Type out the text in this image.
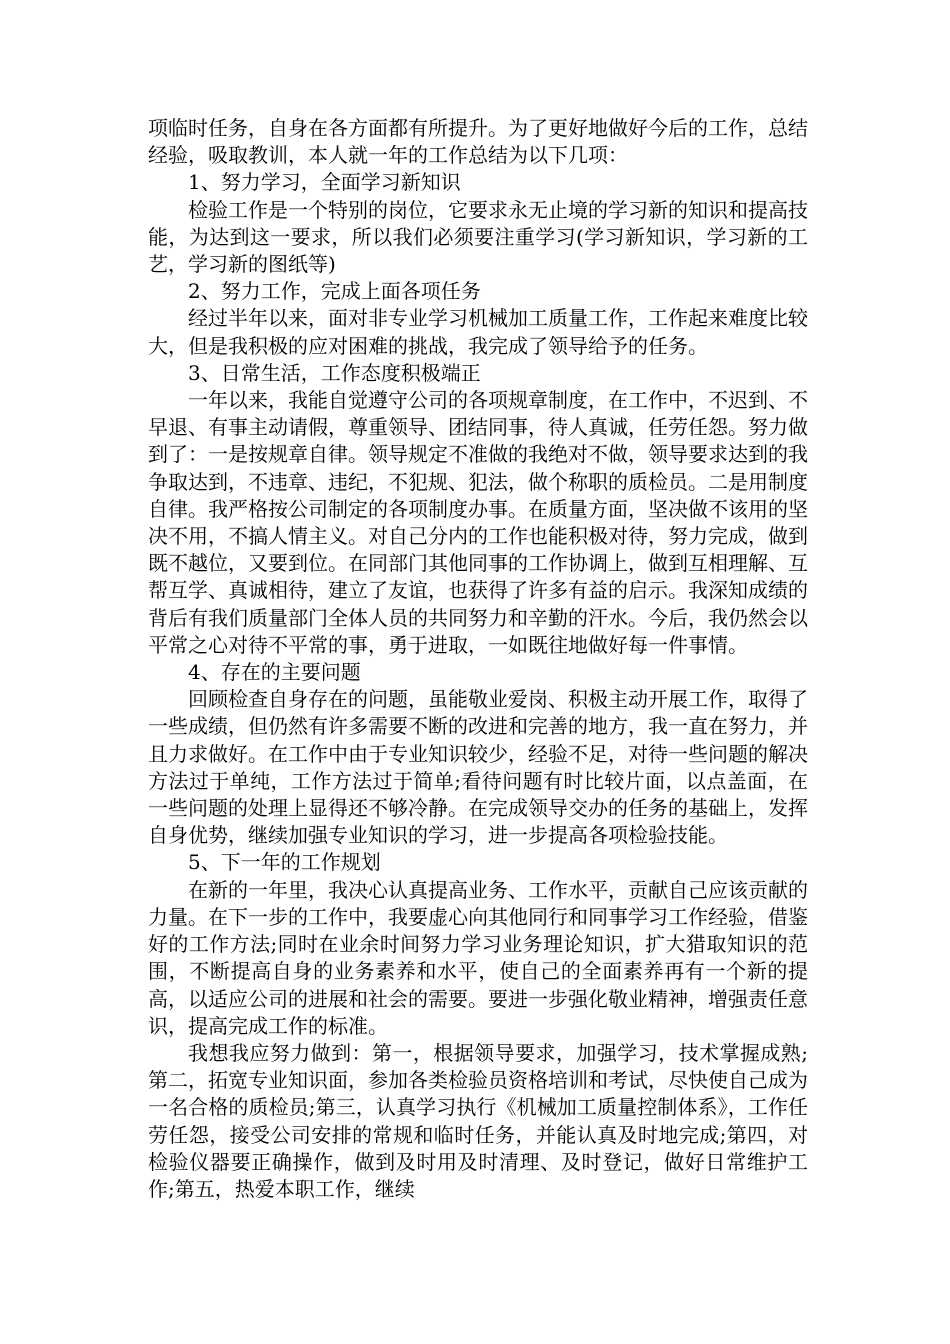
项临时任务，自身在各方面都有所提升。为了更好地做好今后的工作，总结经验，吸取教训，本人就一年的工作总结为以下几项：

1、努力学习，全面学习新知识

检验工作是一个特别的岗位，它要求永无止境的学习新的知识和提高技能，为达到这一要求，所以我们必须要注重学习(学习新知识，学习新的工艺，学习新的图纸等)

2、努力工作，完成上面各项任务

经过半年以来，面对非专业学习机械加工质量工作，工作起来难度比较大，但是我积极的应对困难的挑战，我完成了领导给予的任务。

3、日常生活，工作态度积极端正

一年以来，我能自觉遵守公司的各项规章制度，在工作中，不迟到、不早退、有事主动请假，尊重领导、团结同事，待人真诚，任劳任怨。努力做到了：一是按规章自律。领导规定不准做的我绝对不做，领导要求达到的我争取达到，不违章、违纪，不犯规、犯法，做个称职的质检员。二是用制度自律。我严格按公司制定的各项制度办事。在质量方面，坚决做不该用的坚决不用，不搞人情主义。对自己分内的工作也能积极对待，努力完成，做到既不越位，又要到位。在同部门其他同事的工作协调上，做到互相理解、互帮互学、真诚相待，建立了友谊，也获得了许多有益的启示。我深知成绩的背后有我们质量部门全体人员的共同努力和辛勤的汗水。今后，我仍然会以平常之心对待不平常的事，勇于进取，一如既往地做好每一件事情。

4、存在的主要问题

回顾检查自身存在的问题，虽能敬业爱岗、积极主动开展工作，取得了一些成绩，但仍然有许多需要不断的改进和完善的地方，我一直在努力，并且力求做好。在工作中由于专业知识较少，经验不足，对待一些问题的解决方法过于单纯，工作方法过于简单;看待问题有时比较片面，以点盖面，在一些问题的处理上显得还不够冷静。在完成领导交办的任务的基础上，发挥自身优势，继续加强专业知识的学习，进一步提高各项检验技能。

5、下一年的工作规划

在新的一年里，我决心认真提高业务、工作水平，贡献自己应该贡献的力量。在下一步的工作中，我要虚心向其他同行和同事学习工作经验，借鉴好的工作方法;同时在业余时间努力学习业务理论知识，扩大猎取知识的范围，不断提高自身的业务素养和水平，使自己的全面素养再有一个新的提高，以适应公司的进展和社会的需要。要进一步强化敬业精神，增强责任意识，提高完成工作的标准。

我想我应努力做到：第一，根据领导要求，加强学习，技术掌握成熟;第二，拓宽专业知识面，参加各类检验员资格培训和考试，尽快使自己成为一名合格的质检员;第三，认真学习执行《机械加工质量控制体系》，工作任劳任怨，接受公司安排的常规和临时任务，并能认真及时地完成;第四，对检验仪器要正确操作，做到及时用及时清理、及时登记，做好日常维护工作;第五，热爱本职工作，继续
